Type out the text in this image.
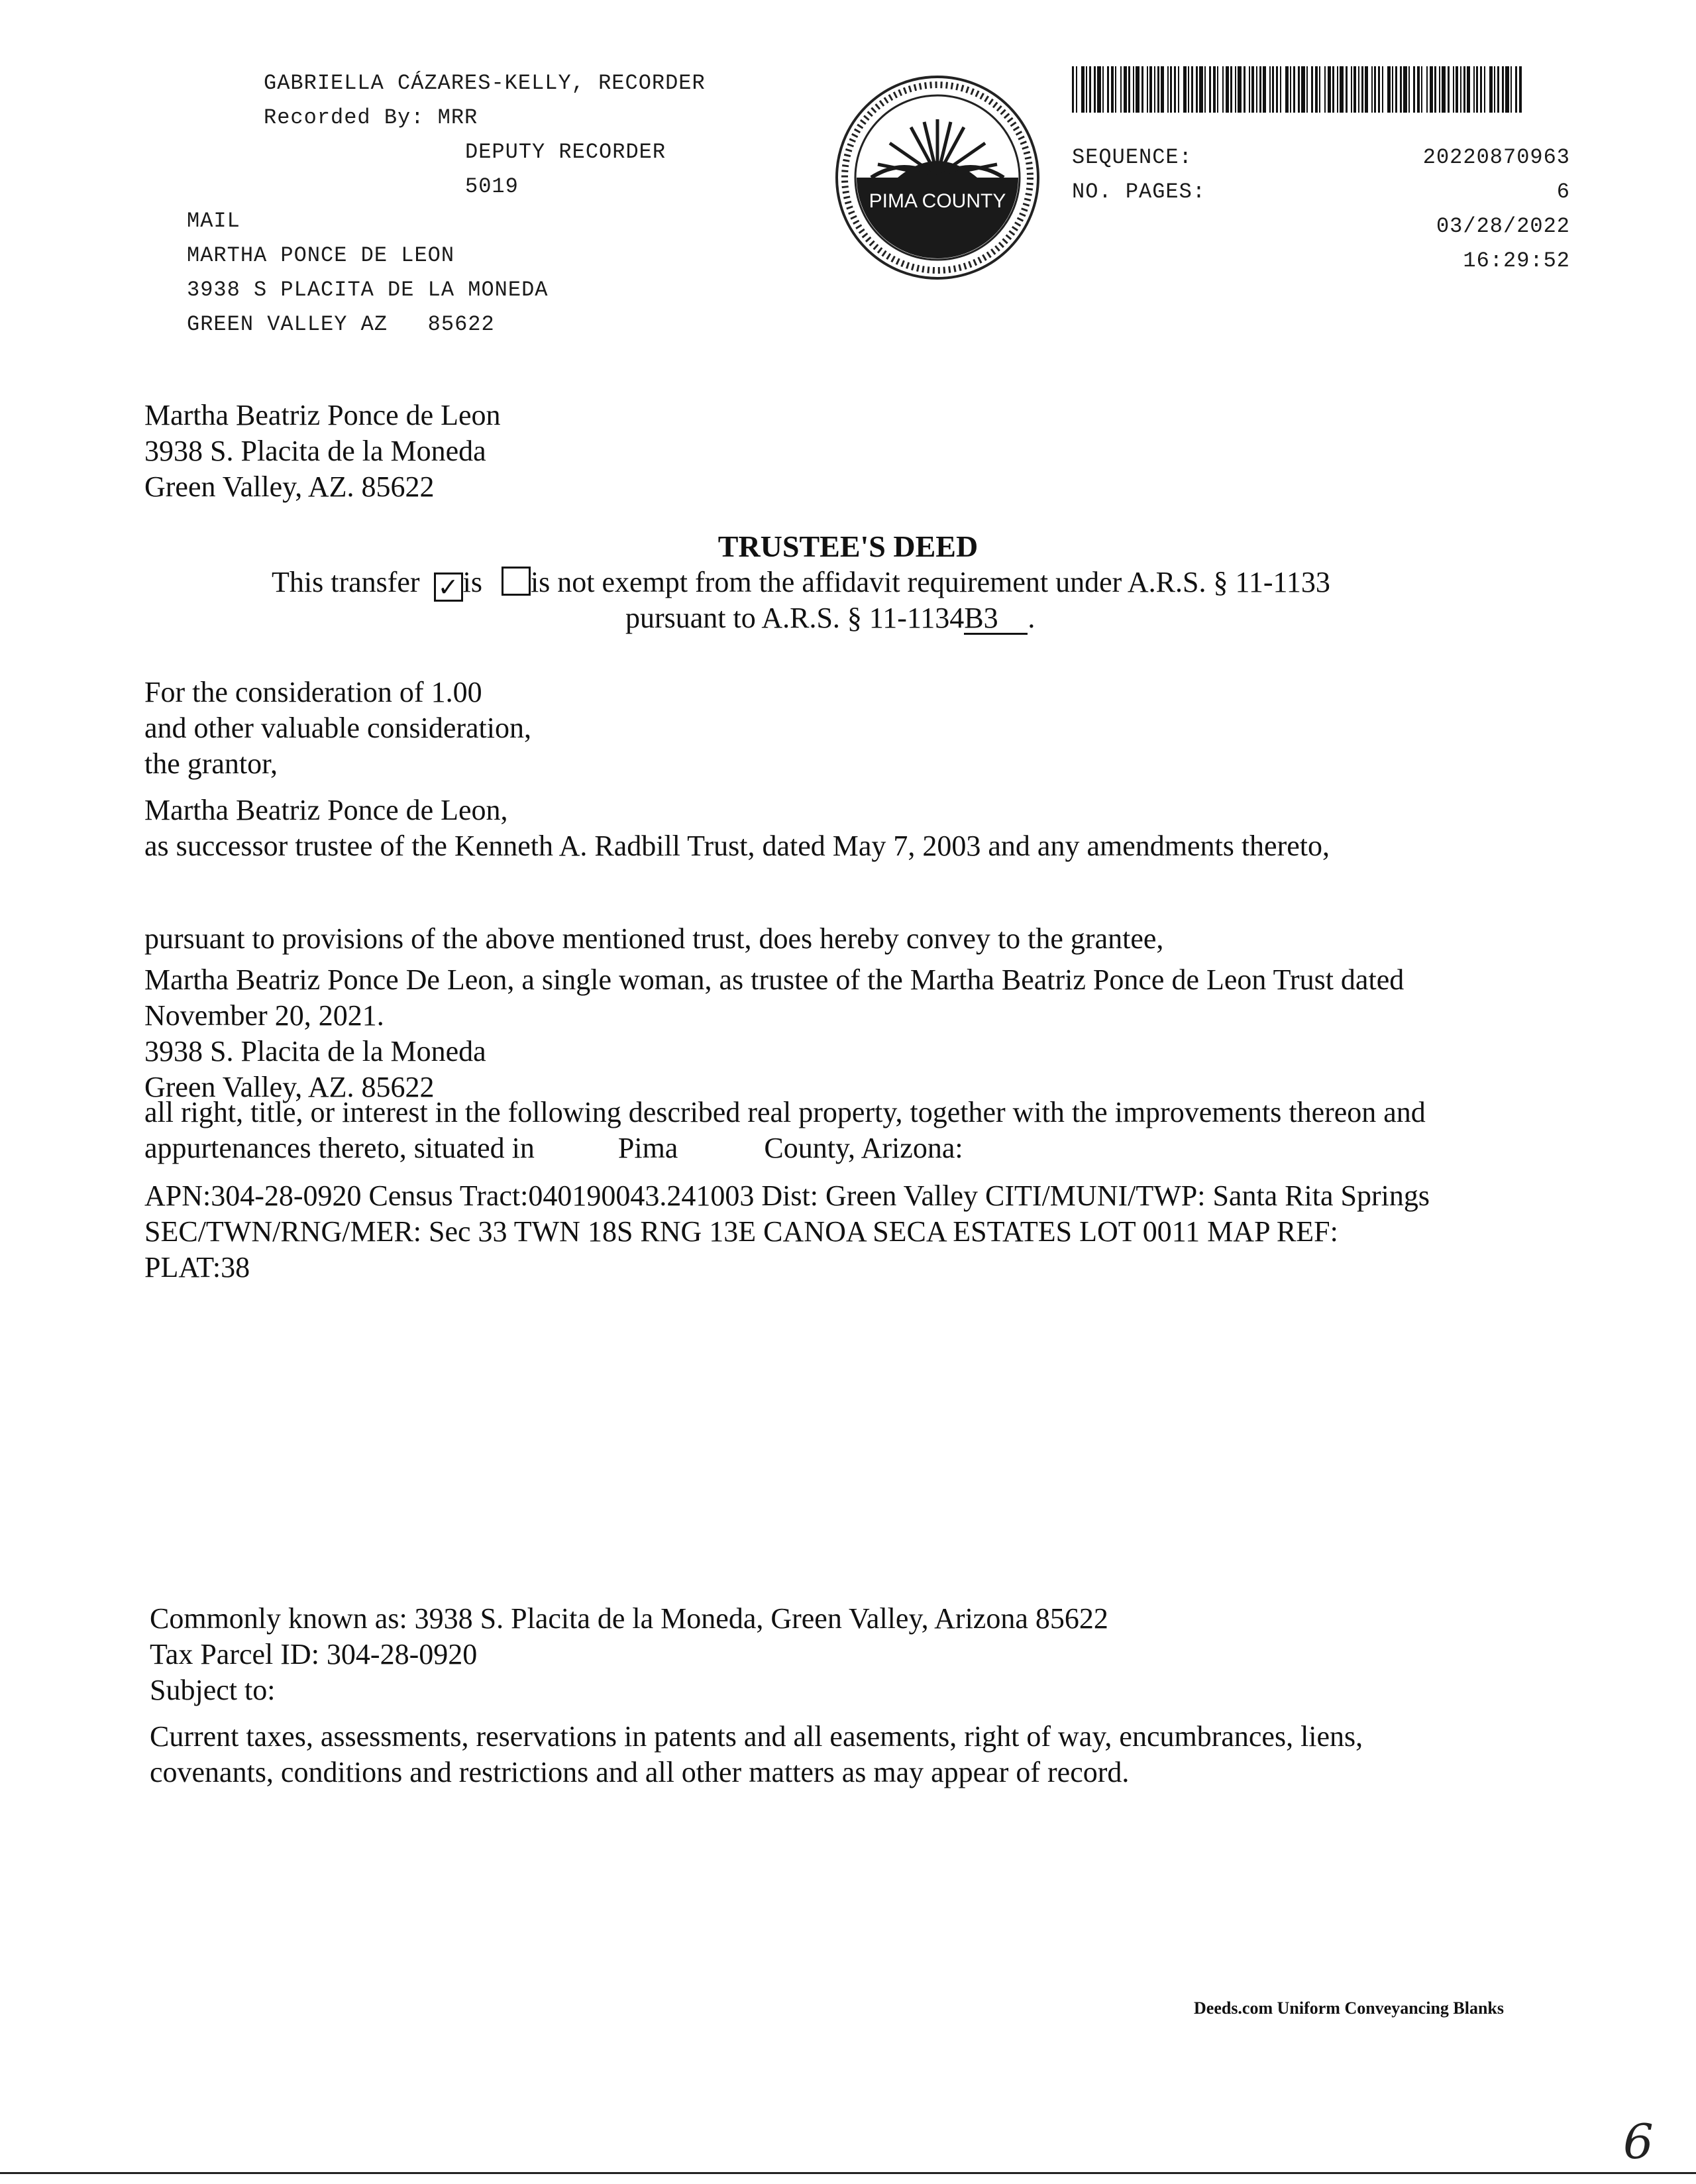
GABRIELLA CÁZARES-KELLY, RECORDER
Recorded By: MRR
DEPUTY RECORDER
5019
MAIL
MARTHA PONCE DE LEON
3938 S PLACITA DE LA MONEDA
GREEN VALLEY AZ   85622
PIMA COUNTY
SEQUENCE:	20220870963
NO. PAGES:	6
03/28/2022
16:29:52
Martha Beatriz Ponce de Leon
3938 S. Placita de la Moneda
Green Valley, AZ. 85622
TRUSTEE'S DEED
This transfer ✓ is is not exempt from the affidavit requirement under A.R.S. § 11-1133
pursuant to A.R.S. § 11-1134B3 .
For the consideration of 1.00
and other valuable consideration,
the grantor,
Martha Beatriz Ponce de Leon,
as successor trustee of the Kenneth A. Radbill Trust, dated May 7, 2003 and any amendments thereto,
pursuant to provisions of the above mentioned trust, does hereby convey to the grantee,
Martha Beatriz Ponce De Leon, a single woman, as trustee of the Martha Beatriz Ponce de Leon Trust dated
November 20, 2021.
3938 S. Placita de la Moneda
Green Valley, AZ. 85622
all right, title, or interest in the following described real property, together with the improvements thereon and
appurtenances thereto, situated in	Pima	County, Arizona:
APN:304-28-0920 Census Tract:040190043.241003 Dist: Green Valley CITI/MUNI/TWP: Santa Rita Springs
SEC/TWN/RNG/MER: Sec 33 TWN 18S RNG 13E CANOA SECA ESTATES LOT 0011 MAP REF:
PLAT:38
Commonly known as: 3938 S. Placita de la Moneda, Green Valley, Arizona 85622
Tax Parcel ID: 304-28-0920
Subject to:
Current taxes, assessments, reservations in patents and all easements, right of way, encumbrances, liens,
covenants, conditions and restrictions and all other matters as may appear of record.
Deeds.com Uniform Conveyancing Blanks
6
